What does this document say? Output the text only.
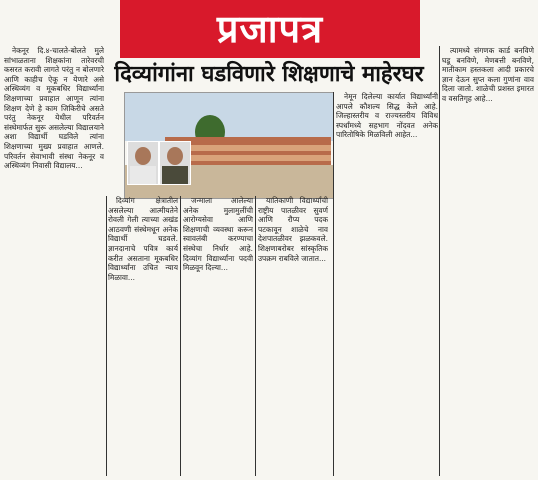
प्रजापत्र
दिव्यांगांना घडविणारे शिक्षणाचे माहेरघर

नेकनूर दि.४-चालते-बोलते मुले सांभाळताना शिक्षकांना तारेवरची कसरत करावी लागते परंतु न बोलणारे आणि काहीच ऐकू न येणारे असे अस्थिव्यंग व मूकबधिर विद्यार्थ्यांना शिक्षणाच्या प्रवाहात आणून त्यांना शिक्षण देणे हे काम जिकिरीचे असते परंतु नेकनूर येथील परिवर्तन संस्थेमार्फत सुरू असलेल्या विद्यालयाने अशा विद्यार्थी घडविले त्यांना शिक्षणाच्या मुख्य प्रवाहात आणले. परिवर्तन सेवाभावी संस्था नेकनूर व अस्थिव्यंग निवासी विद्यालय...

दिव्यांग क्षेत्रातील असलेल्या आत्मीयतेने रोवली गेली त्याच्या अखंड आठवणी संस्थेमधून अनेक विद्यार्थी घडवले. ज्ञानदानाचे पवित्र कार्य करीत असताना मूकबधिर विद्यार्थ्यांना उचित न्याय मिळावा...

जन्माला आलेल्या अनेक मुलामुलींची आरोग्यसेवा आणि शिक्षणाची व्यवस्था करून स्वावलंबी करण्याचा संस्थेचा निर्धार आहे. दिव्यांग विद्यार्थ्यांना पदवी मिळवून दिल्या...

यातिकाणी विद्यार्थ्यांची राष्ट्रीय पातळीवर सुवर्ण आणि रौप्य पदक पटकावून शाळेचे नाव देशपातळीवर झळकवले. शिक्षणाबरोबर सांस्कृतिक उपक्रम राबविले जातात...

नेमून दिलेल्या कार्यात विद्यार्थ्यांनी आपले कौशल्य सिद्ध केले आहे. जिल्हास्तरीय व राज्यस्तरीय विविध स्पर्धांमध्ये सहभाग नोंदवत अनेक पारितोषिके मिळविली आहेत...

त्यामध्ये संगणक कार्ड बनविणे घडू बनविणे, मेणबत्ती बनविणे, मातीकाम हस्तकला आदी प्रकारचे ज्ञान देऊन सुप्त कला गुणांना वाव दिला जातो. शाळेची प्रशस्त इमारत व वसतिगृह आहे...
